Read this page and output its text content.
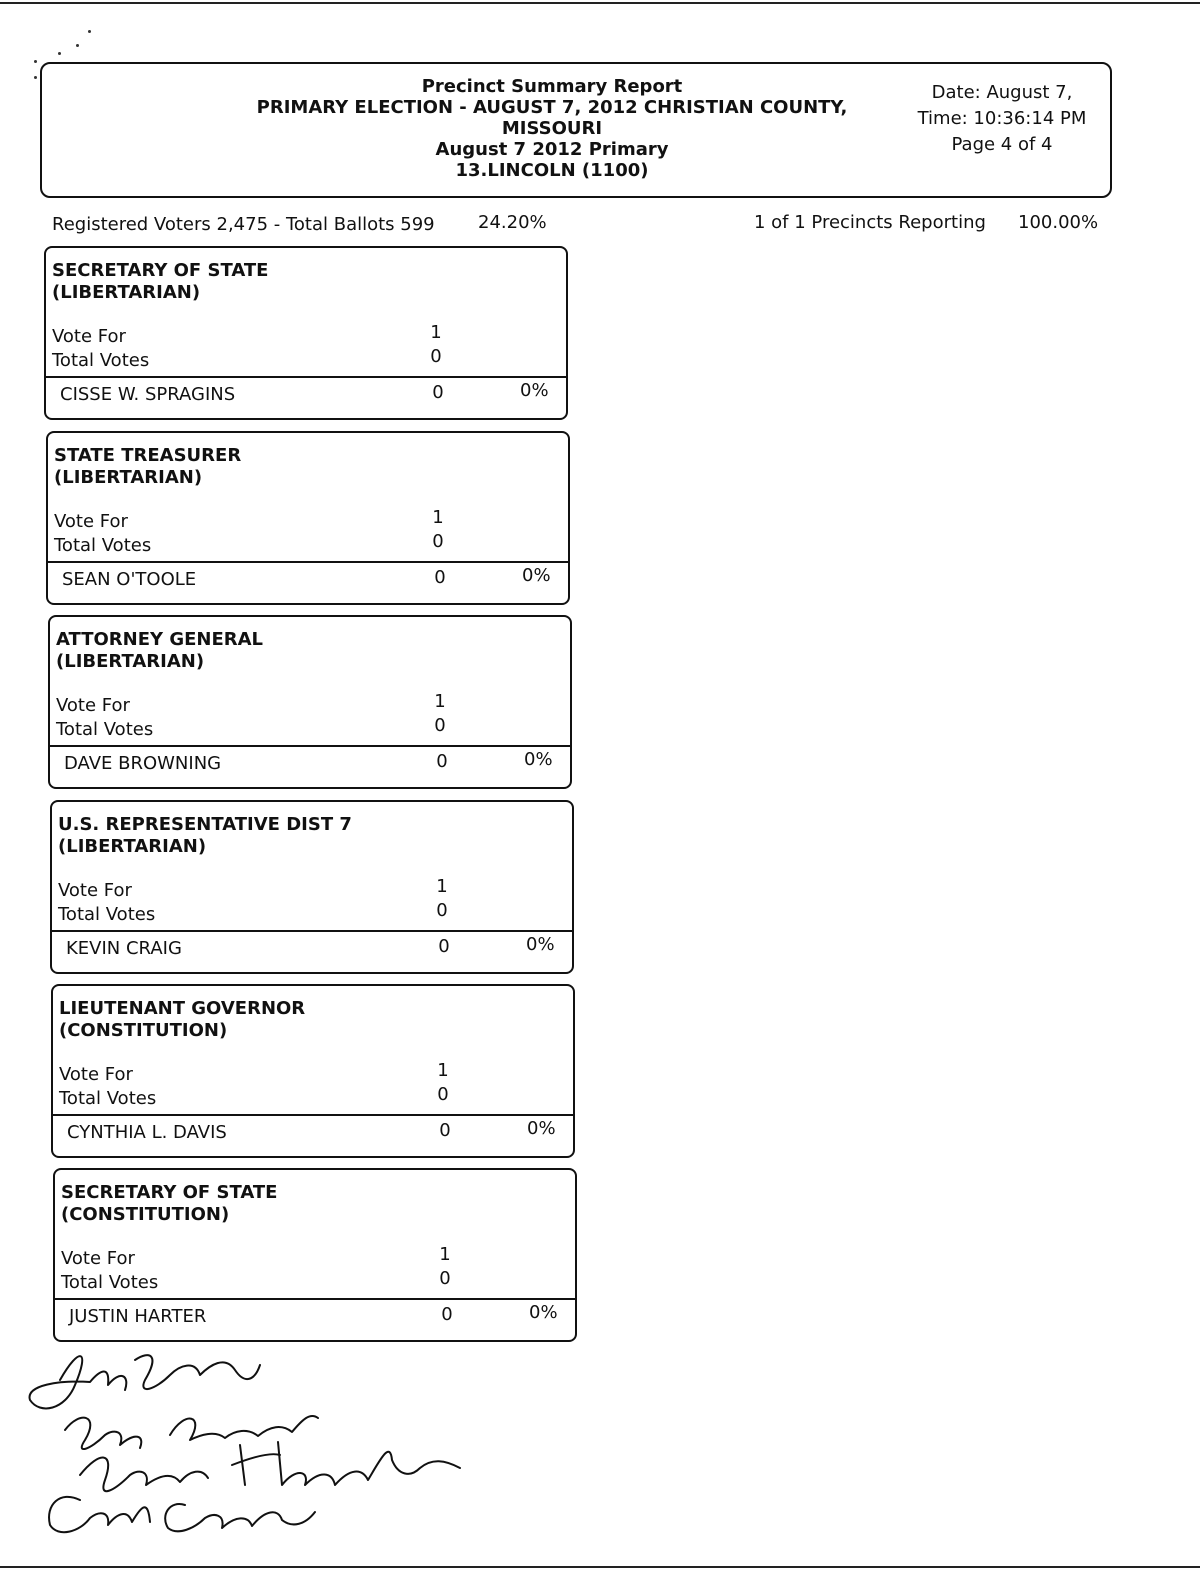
Precinct Summary Report
PRIMARY ELECTION - AUGUST 7, 2012 CHRISTIAN COUNTY,
MISSOURI
August 7 2012 Primary
13.LINCOLN (1100)
Date: August 7,
Time: 10:36:14 PM
Page 4 of 4
Registered Voters 2,475 - Total Ballots 599 24.20%	1 of 1 Precincts Reporting 100.00%
SECRETARY OF STATE
(LIBERTARIAN)
Vote For	1
Total Votes	0
CISSE W. SPRAGINS	0	0%
STATE TREASURER
(LIBERTARIAN)
Vote For	1
Total Votes	0
SEAN O'TOOLE	0	0%
ATTORNEY GENERAL
(LIBERTARIAN)
Vote For	1
Total Votes	0
DAVE BROWNING	0	0%
U.S. REPRESENTATIVE DIST 7
(LIBERTARIAN)
Vote For	1
Total Votes	0
KEVIN CRAIG	0	0%
LIEUTENANT GOVERNOR
(CONSTITUTION)
Vote For	1
Total Votes	0
CYNTHIA L. DAVIS	0	0%
SECRETARY OF STATE
(CONSTITUTION)
Vote For	1
Total Votes	0
JUSTIN HARTER	0	0%
